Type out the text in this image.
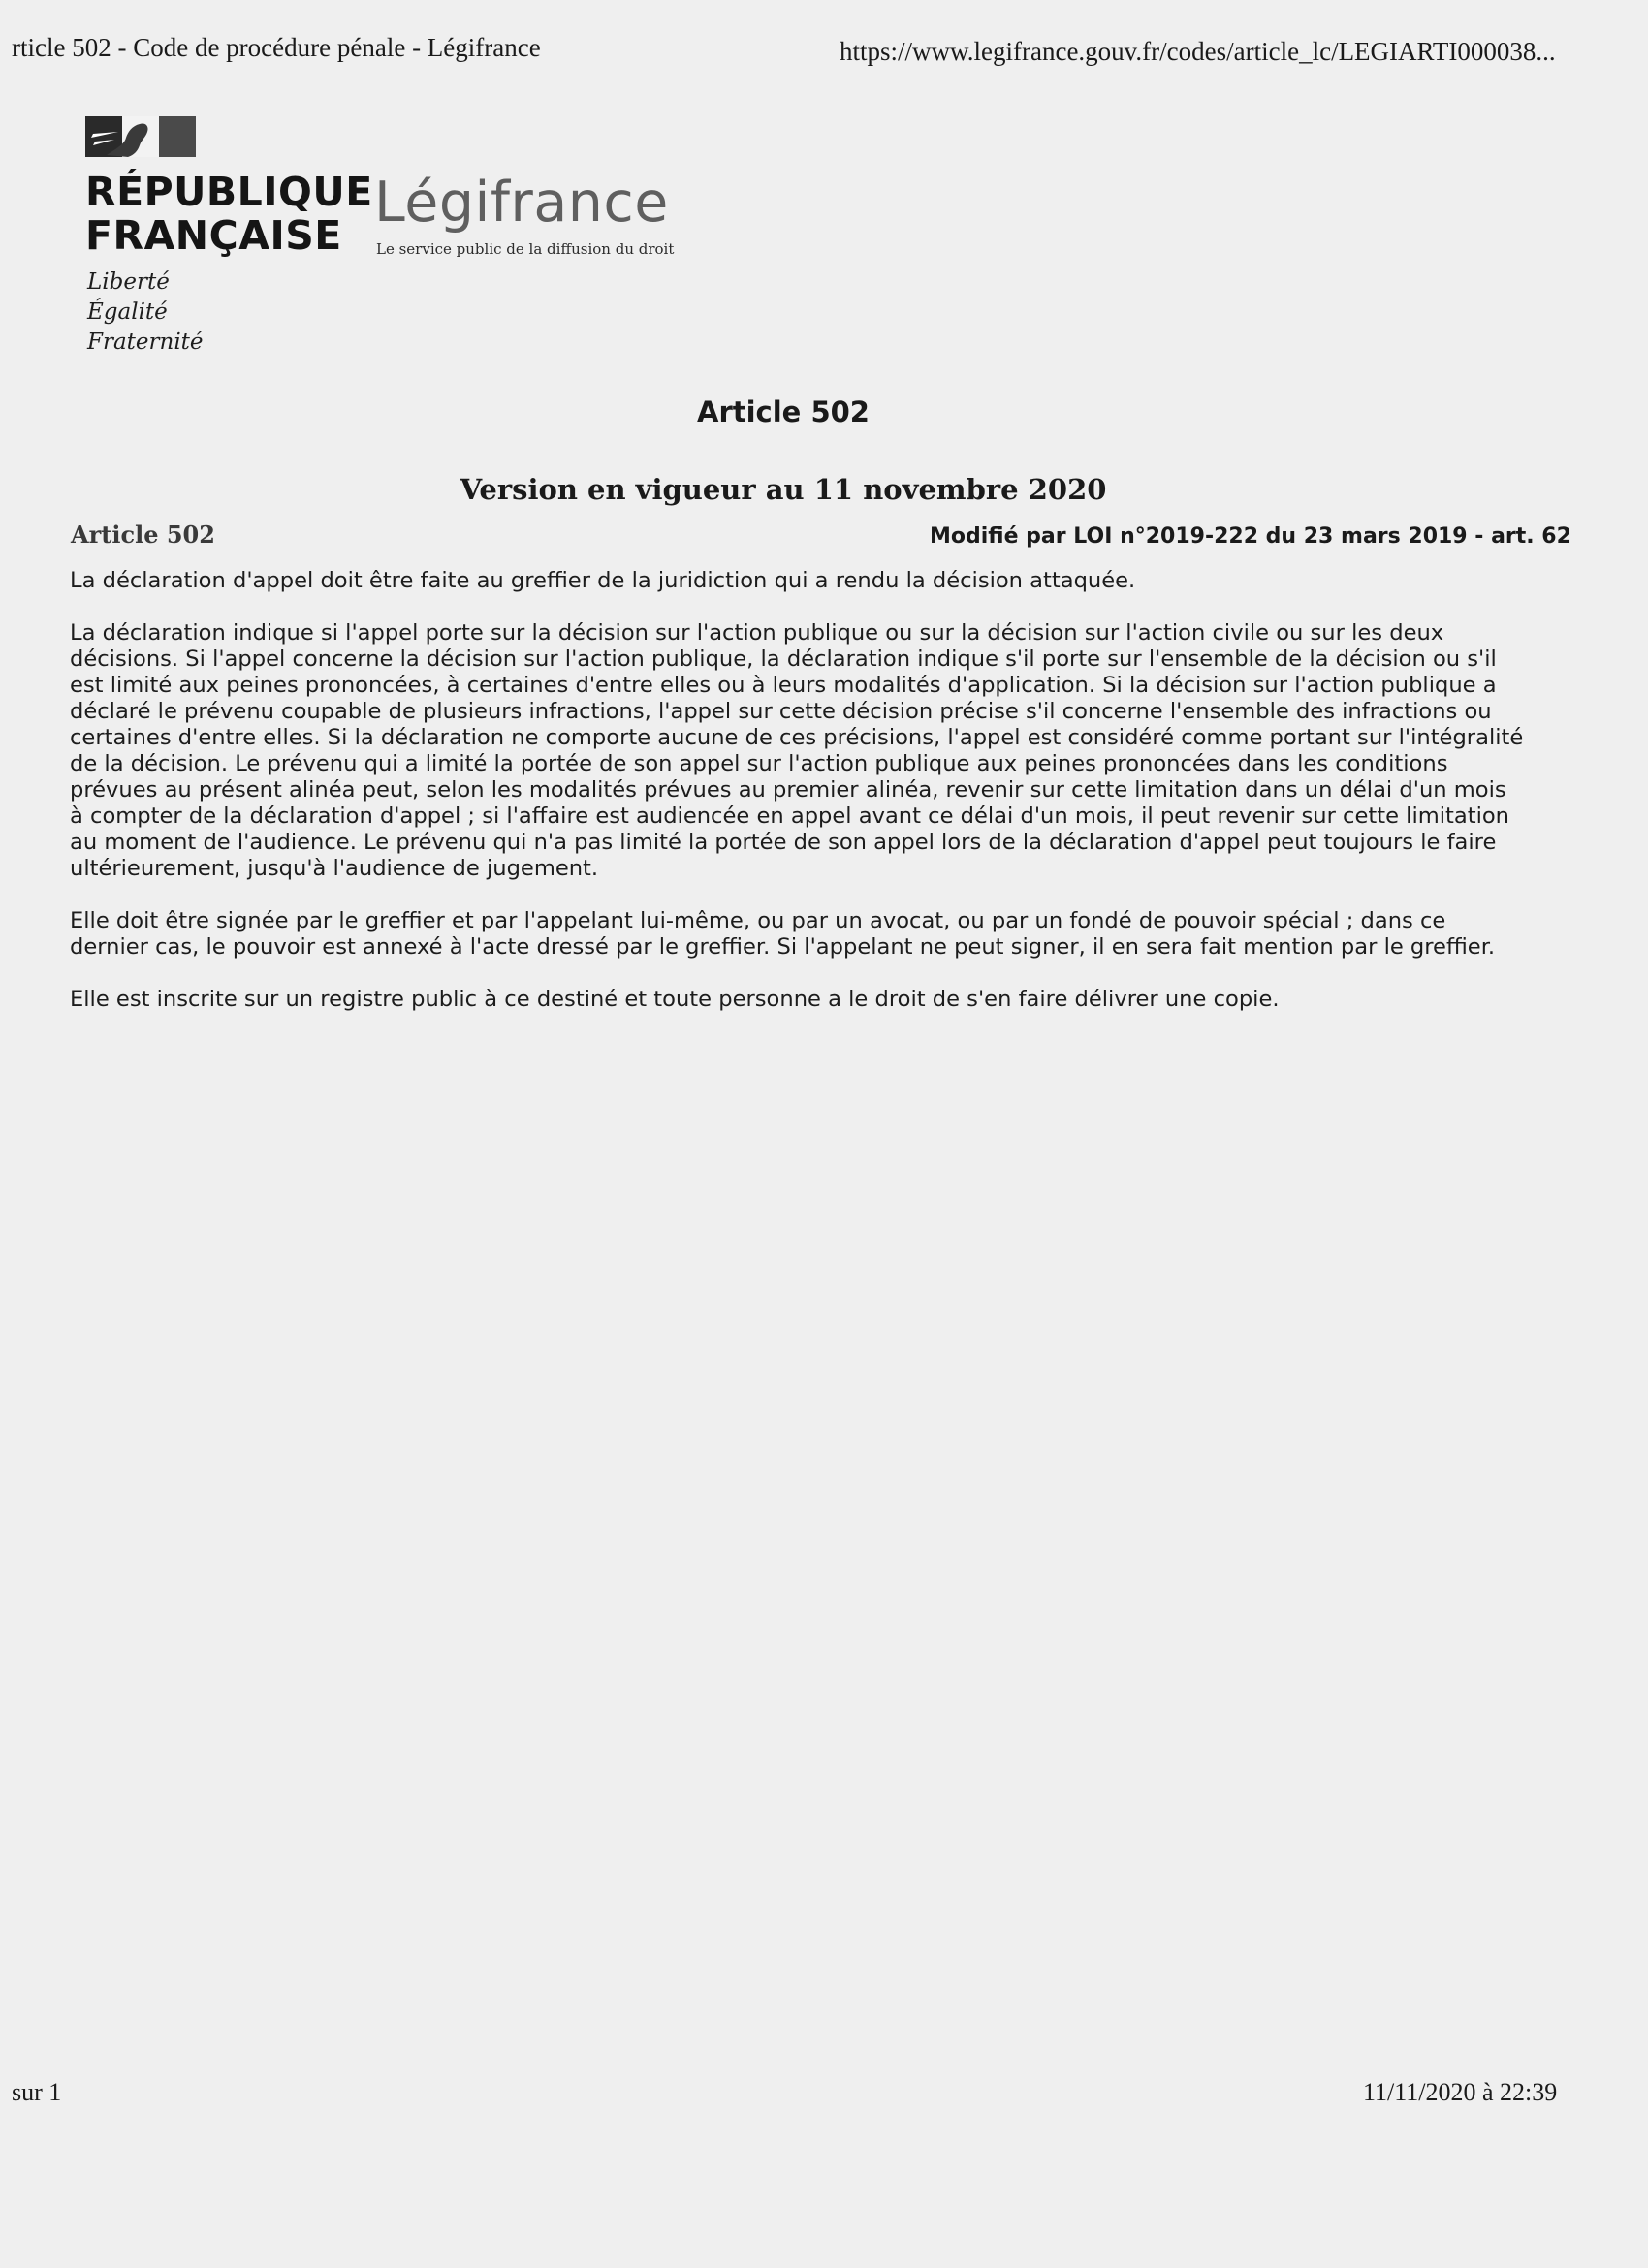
rticle 502 - Code de procédure pénale - Légifrance	https://www.legifrance.gouv.fr/codes/article_lc/LEGIARTI000038...
RÉPUBLIQUE
FRANÇAISE
Liberté
Égalité
Fraternité
Légifrance
Le service public de la diffusion du droit
Article 502
Version en vigueur au 11 novembre 2020
Article 502	Modifié par LOI n°2019-222 du 23 mars 2019 - art. 62

La déclaration d'appel doit être faite au greffier de la juridiction qui a rendu la décision attaquée.

La déclaration indique si l'appel porte sur la décision sur l'action publique ou sur la décision sur l'action civile ou sur les deux décisions. Si l'appel concerne la décision sur l'action publique, la déclaration indique s'il porte sur l'ensemble de la décision ou s'il est limité aux peines prononcées, à certaines d'entre elles ou à leurs modalités d'application. Si la décision sur l'action publique a déclaré le prévenu coupable de plusieurs infractions, l'appel sur cette décision précise s'il concerne l'ensemble des infractions ou certaines d'entre elles. Si la déclaration ne comporte aucune de ces précisions, l'appel est considéré comme portant sur l'intégralité de la décision. Le prévenu qui a limité la portée de son appel sur l'action publique aux peines prononcées dans les conditions prévues au présent alinéa peut, selon les modalités prévues au premier alinéa, revenir sur cette limitation dans un délai d'un mois à compter de la déclaration d'appel ; si l'affaire est audiencée en appel avant ce délai d'un mois, il peut revenir sur cette limitation au moment de l'audience. Le prévenu qui n'a pas limité la portée de son appel lors de la déclaration d'appel peut toujours le faire ultérieurement, jusqu'à l'audience de jugement.

Elle doit être signée par le greffier et par l'appelant lui-même, ou par un avocat, ou par un fondé de pouvoir spécial ; dans ce dernier cas, le pouvoir est annexé à l'acte dressé par le greffier. Si l'appelant ne peut signer, il en sera fait mention par le greffier.

Elle est inscrite sur un registre public à ce destiné et toute personne a le droit de s'en faire délivrer une copie.

sur 1	11/11/2020 à 22:39
